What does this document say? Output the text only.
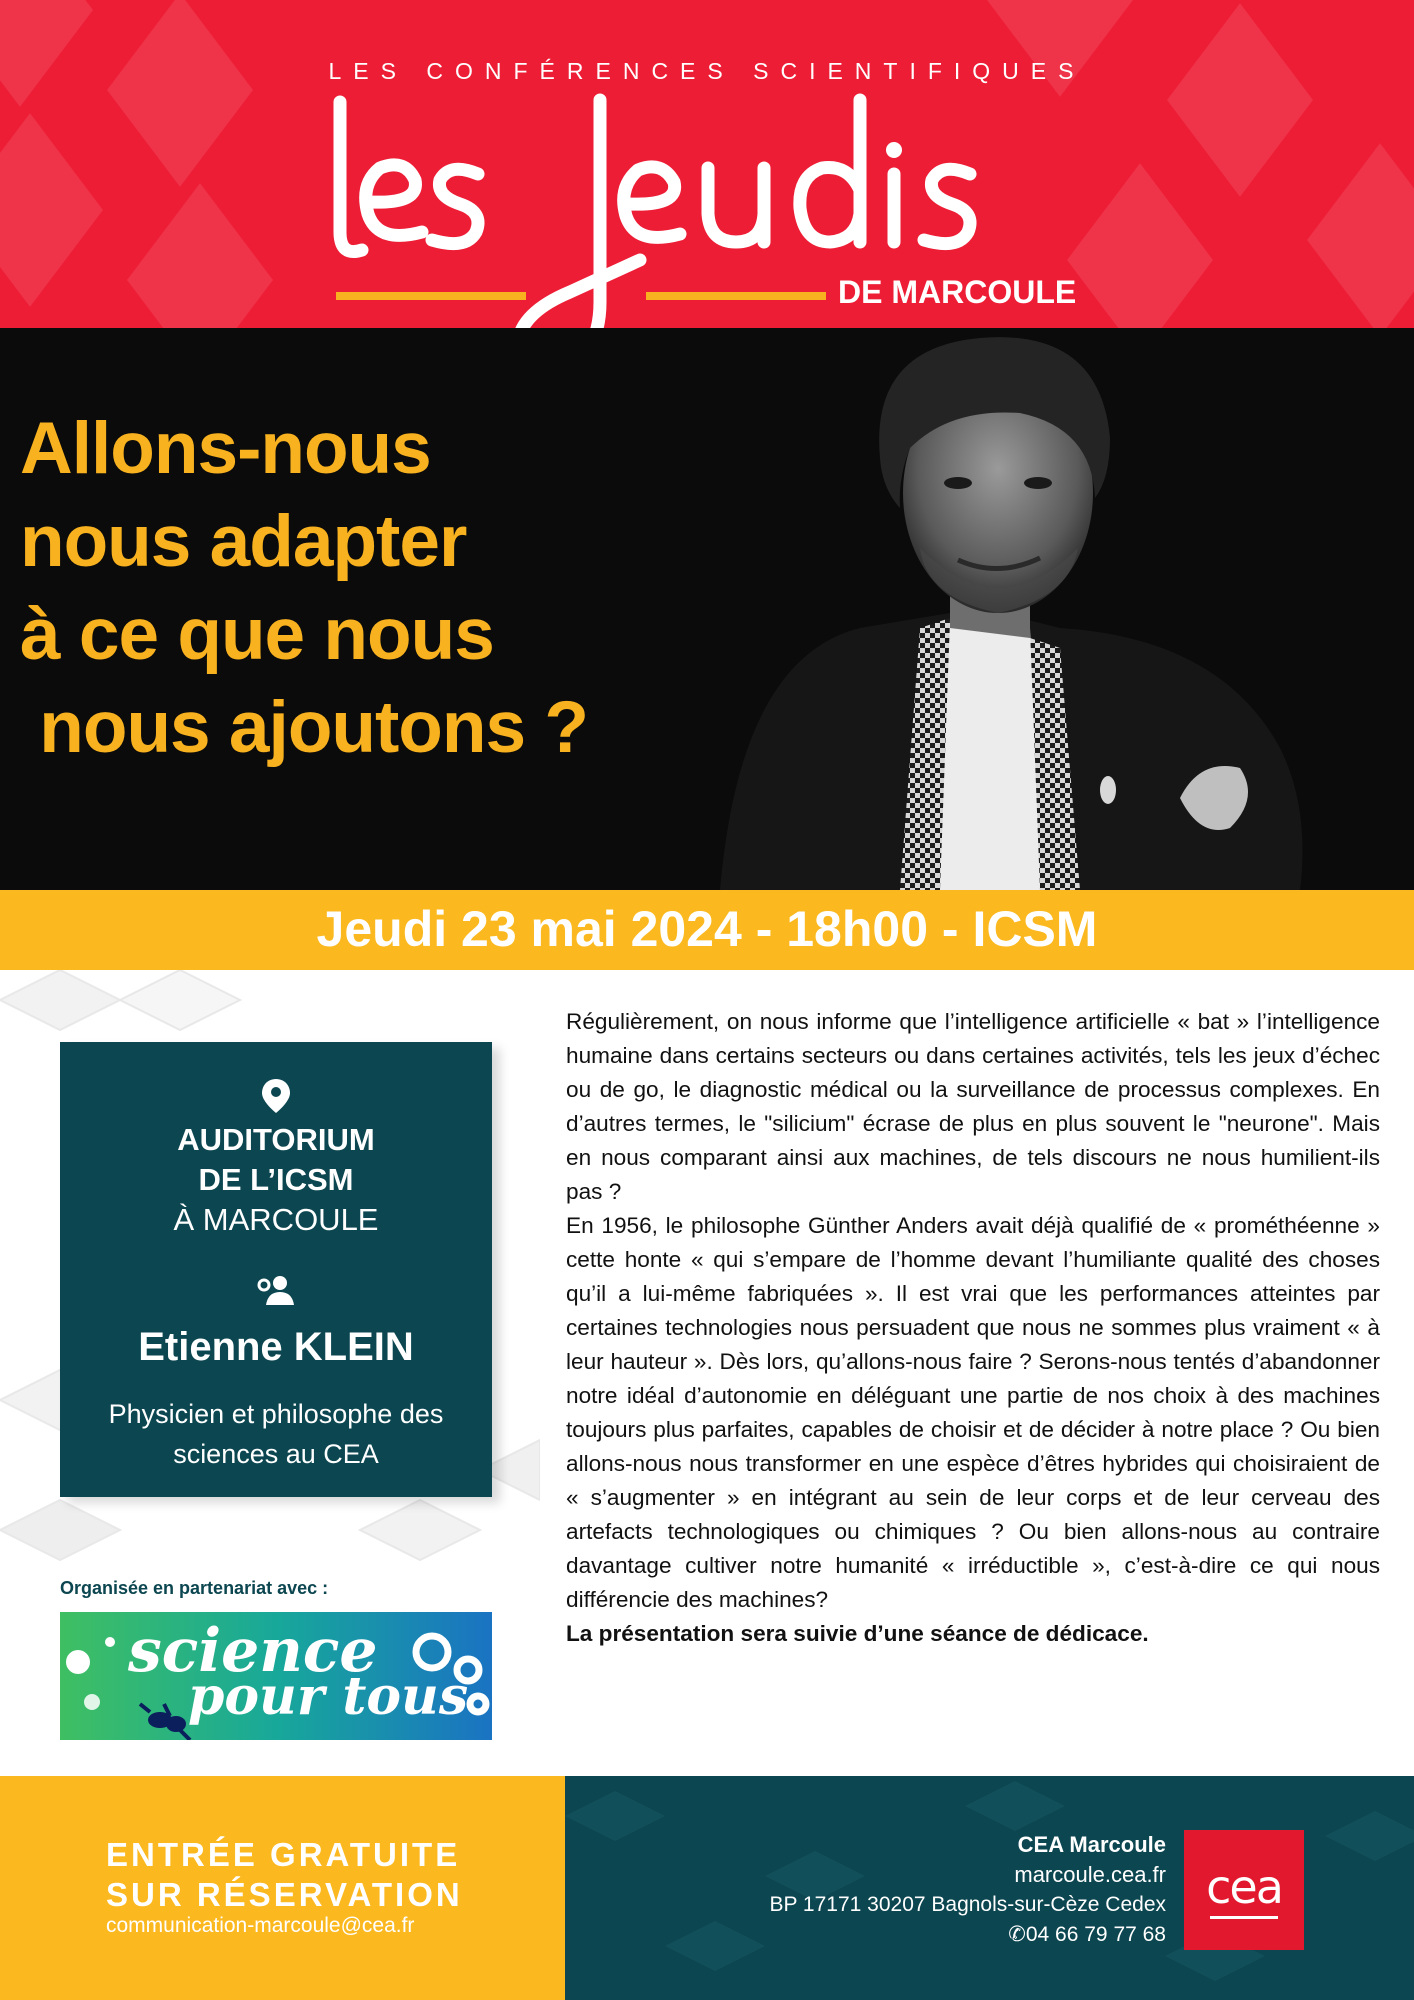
LES CONFÉRENCES SCIENTIFIQUES
DE MARCOULE
Allons-nous
nous adapter
à ce que nous
nous ajoutons ?
Jeudi 23 mai 2024 - 18h00 - ICSM
AUDITORIUM
DE L’ICSM
À MARCOULE
Etienne KLEIN
Physicien et philosophe des sciences au CEA
Organisée en partenariat avec :
science
pour tous

Régulièrement, on nous informe que l’intelligence artificielle « bat » l’intelligence humaine dans certains secteurs ou dans certaines activités, tels les jeux d’échec ou de go, le diagnostic médical ou la surveillance de processus complexes. En d’autres termes, le "silicium" écrase de plus en plus souvent le "neurone". Mais en nous comparant ainsi aux machines, de tels discours ne nous humilient-ils pas ?

En 1956, le philosophe Günther Anders avait déjà qualifié de « prométhéenne » cette honte « qui s’empare de l’homme devant l’humiliante qualité des choses qu’il a lui-même fabriquées ». Il est vrai que les performances atteintes par certaines technologies nous persuadent que nous ne sommes plus vraiment « à leur hauteur ». Dès lors, qu’allons-nous faire ? Serons-nous tentés d’abandonner notre idéal d’autonomie en déléguant une partie de nos choix à des machines toujours plus parfaites, capables de choisir et de décider à notre place ? Ou bien allons-nous nous transformer en une espèce d’êtres hybrides qui choisiraient de « s’augmenter » en intégrant au sein de leur corps et de leur cerveau des artefacts technologiques ou chimiques ? Ou bien allons-nous au contraire davantage cultiver notre humanité « irréductible », c’est-à-dire ce qui nous différencie des machines?

La présentation sera suivie d’une séance de dédicace.

ENTRÉE GRATUITE
SUR RÉSERVATION
communication-marcoule@cea.fr
CEA Marcoule
marcoule.cea.fr
BP 17171 30207 Bagnols-sur-Cèze Cedex
✆04 66 79 77 68
cea
